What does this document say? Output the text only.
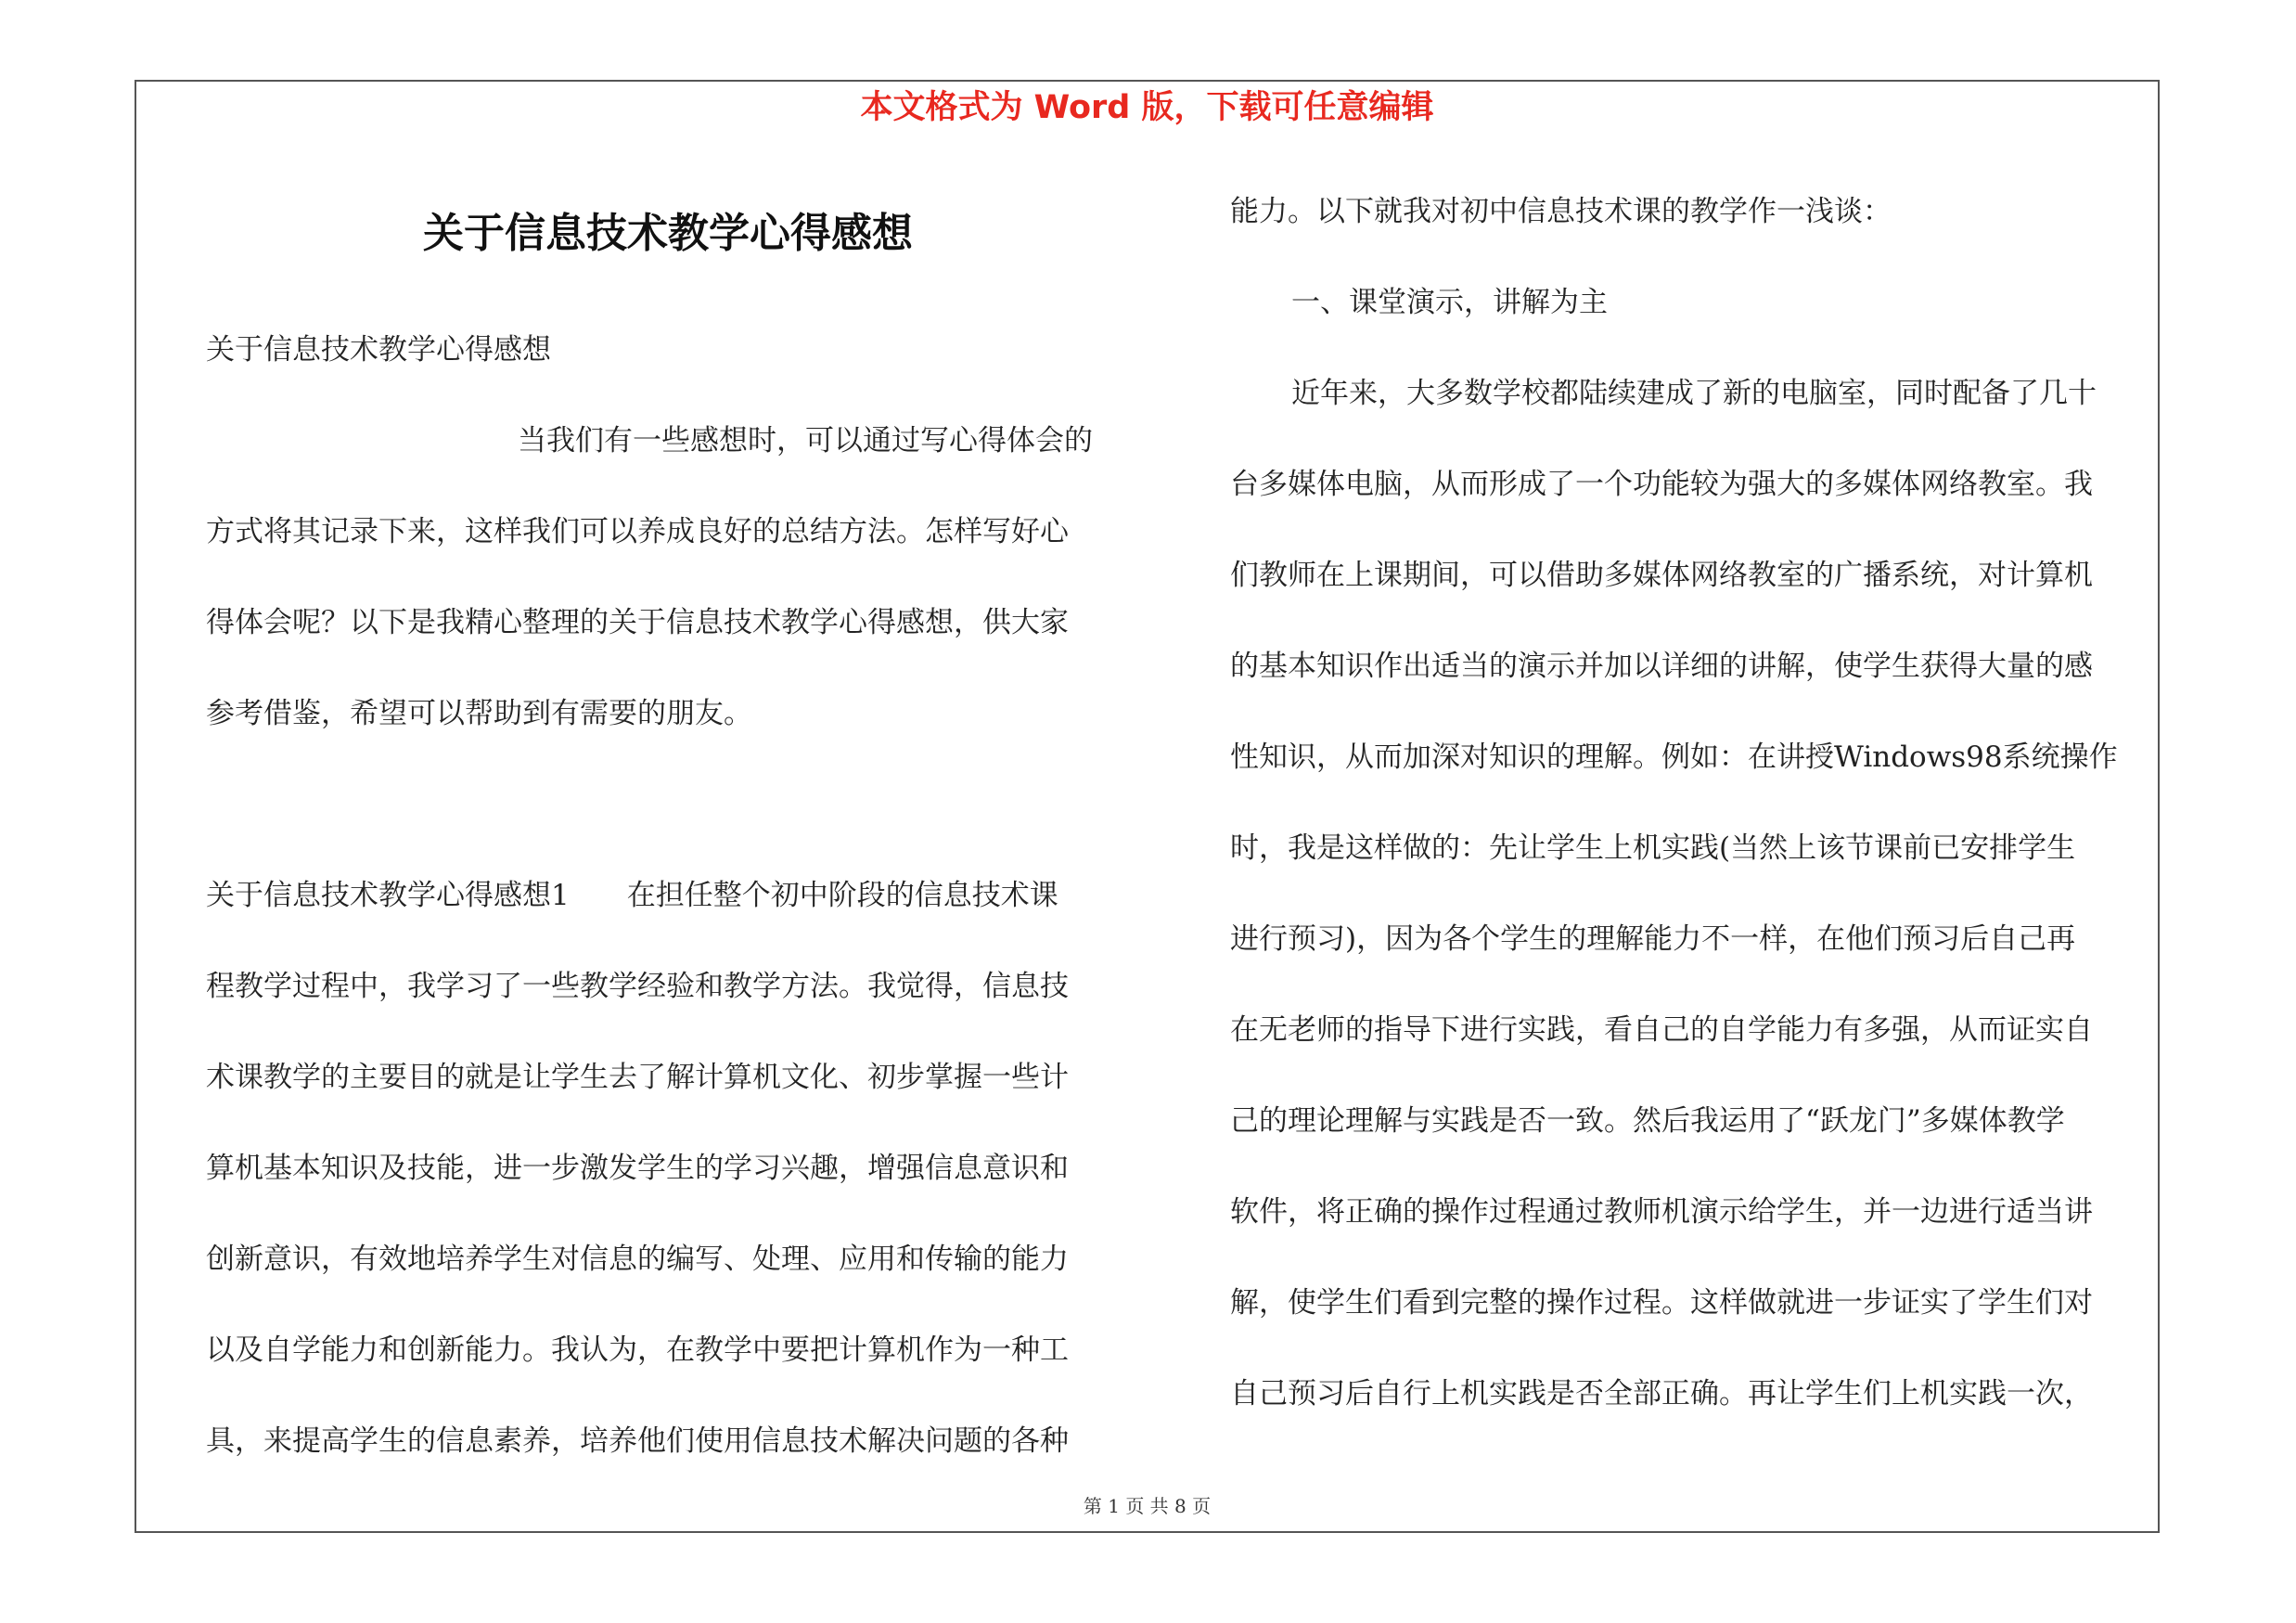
本文格式为 Word 版，下载可任意编辑
关于信息技术教学心得感想

关于信息技术教学心得感想

当我们有一些感想时，可以通过写心得体会的

方式将其记录下来，这样我们可以养成良好的总结方法。怎样写好心

得体会呢？以下是我精心整理的关于信息技术教学心得感想，供大家

参考借鉴，希望可以帮助到有需要的朋友。

关于信息技术教学心得感想1　　在担任整个初中阶段的信息技术课

程教学过程中，我学习了一些教学经验和教学方法。我觉得，信息技

术课教学的主要目的就是让学生去了解计算机文化、初步掌握一些计

算机基本知识及技能，进一步激发学生的学习兴趣，增强信息意识和

创新意识，有效地培养学生对信息的编写、处理、应用和传输的能力

以及自学能力和创新能力。我认为，在教学中要把计算机作为一种工

具，来提高学生的信息素养，培养他们使用信息技术解决问题的各种

能力。以下就我对初中信息技术课的教学作一浅谈：

一、课堂演示，讲解为主

近年来，大多数学校都陆续建成了新的电脑室，同时配备了几十

台多媒体电脑，从而形成了一个功能较为强大的多媒体网络教室。我

们教师在上课期间，可以借助多媒体网络教室的广播系统，对计算机

的基本知识作出适当的演示并加以详细的讲解，使学生获得大量的感

性知识，从而加深对知识的理解。例如：在讲授Windows98系统操作

时，我是这样做的：先让学生上机实践(当然上该节课前已安排学生

进行预习)，因为各个学生的理解能力不一样，在他们预习后自己再

在无老师的指导下进行实践，看自己的自学能力有多强，从而证实自

己的理论理解与实践是否一致。然后我运用了“跃龙门”多媒体教学

软件，将正确的操作过程通过教师机演示给学生，并一边进行适当讲

解，使学生们看到完整的操作过程。这样做就进一步证实了学生们对

自己预习后自行上机实践是否全部正确。再让学生们上机实践一次，

第 1 页 共 8 页
